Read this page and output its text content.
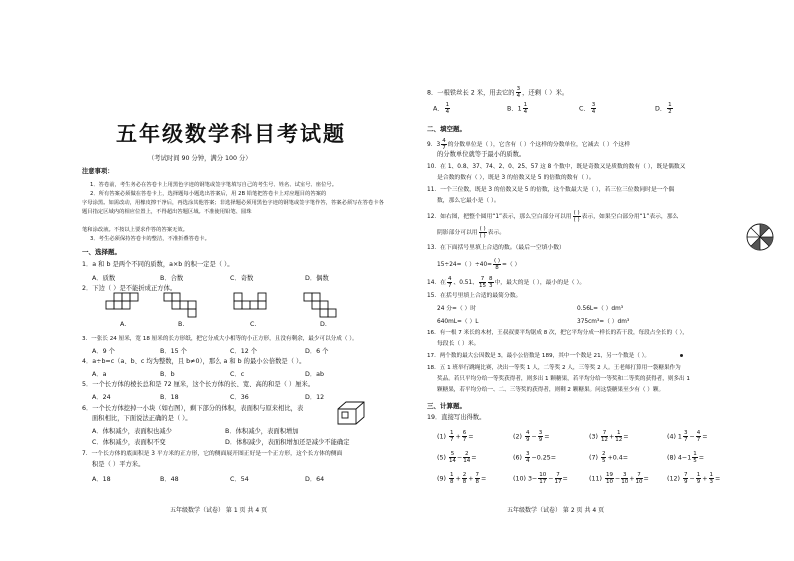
五年级数学科目考试题
（考试时间 90 分钟，满分 100 分）
注意事项：
1．答卷前，考生务必在答卷卡上用黑色字迹的钢笔或签字笔填写自己的考生号、姓名、试室号、座位号。
2．所有答案必须做在答卷卡上，选择题每小题选出答案后，用 2B 铅笔把答卷卡上对应题目的答案的
字母涂黑。如需改动，用橡皮擦干净后，再选涂其他答案；非选择题必须用黑色字迹的钢笔或签字笔作答，答案必须写在答卷卡各题目指定区域内的相应位置上，不得超出答题区域。不准使用铅笔、圆珠
笔和涂改液。不按以上要求作答的答案无效。
3．考生必须保持答卷卡的整洁，不准折叠答卷卡。
一、选择题。
1．a 和 b 是两个不同的质数，a×b 的积一定是（ ）。
A．质数	B．合数	C．奇数	D．偶数
2．下边（ ）是不能折成正方体。
A.	B.	C.	D.
3．一张长 24 厘米，宽 18 厘米的长方形纸，把它分成大小相等的小正方形，且没有剩余，最少可以分成（ ）。
A．9 个	B．15 个	C．12 个	D．6 个
4．a÷b=c（a、b、c 均为整数，且 b≠0），那么 a 和 b 的最小公倍数是（ ）。
A．a	B．b	C．c	D．ab
5．一个长方体的棱长总和是 72 厘米，这个长方体的长、宽、高的和是（ ）厘米。
A．24	B．18	C．36	D．12
6．一个长方体挖掉一小块（如右图），剩下部分的体积，表面积与原来相比，表
面积相比，下面说法正确的是（ ）。
A．体积减少，表面积也减少	B．体积减少，表面积增加
C．体积减少，表面积不变	D．体积减少，表面积增加还是减少不能确定
7．一个长方体的底面积是 3 平方米的正方形，它的侧面展开图正好是一个正方形，这个长方体的侧面
积是（ ）平方米。
A．18	B．48	C．54	D．64
五年级数学（试卷） 第 1 页 共 4 页
8．一根铁丝长 2 米，用去它的 $\frac{3}{4}$ ，还剩（ ）米。
A． $\frac{1}{4}$	B．$1 \frac{1}{4}$	C． $\frac{3}{4}$	D． $\frac{1}{2}$
二、填空题。
9．$3 \frac{4}{7}$ 的分数单位是（ ），它含有（ ）个这样的分数单位，它减去（ ）个这样
的分数单位就等于最小的质数。
10．在 1、0.8、37、74、2、0、25、57 这 8 个数中，既是奇数又是质数的数有（ ），既是偶数又
是合数的数有（ ），既是 3 的倍数又是 5 的倍数的数有（ ）。
11．一个三位数，既是 3 的倍数又是 5 的倍数，这个数最大是（ ），若三位三位数同时是一个偶
数，那么它最小是（ ）。
12．如右图，把整个圆用“1”表示，那么空白部分可以用 $\frac{( )}{( )}$ 表示，如果空白部分用“1”表示，那么
阴影部分可以用 $\frac{( )}{( )}$ 表示。
13．在下面括号里填上合适的数。（最后一空填小数）
15÷24=（ ）$\div 40= \frac{( )}{8}$ =（ ）
14．在 $\frac{4}{7}$ 、0.51、 $\frac{7}{15} \frac{8}{3}$ 中，最大的是（ ），最小的是（ ）。
15．在括号里填上合适的最简分数。
24 分=（ ）时	0.56L=（ ）dm³
640mL=（ ）L	375cm³=（ ）dm³
16．有一根 7 米长的木材，王叔叔要平均锯成 8 次，把它平均分成一样长的若干段，每段占全长的（ ），
每段长（ ）米。
17．两个数的最大公因数是 3，最小公倍数是 189，其中一个数是 21，另一个数是（ ）。
18．五 1 班举行跳绳比赛，决出一等奖 1 人，二等奖 2 人，三等奖 2 人。王老师打算用一袋糖果作为
奖品。若只平均分给一等奖获得者，则多出 1 颗糖果，若平均分给一等奖和二等奖的获得者，则多出 1
颗糖果，若平均分给一、二、三等奖的获得者，则剩 2 颗糖果。问这袋糖果至少有（ ）颗。
三、计算题。
19．直接写出得数。
$(1) \frac{1}{7} + \frac{6}{7}$ =	$(2) \frac{4}{9} - \frac{3}{9}$ =	$(3) \frac{7}{12} + \frac{1}{12}$ =	(4) $1 \frac{3}{7} - \frac{4}{7}$ =
$(5) \frac{5}{14} - \frac{2}{14}$ =	$(6) \frac{3}{4} -0.25=$	$(7) \frac{2}{5} +0.4=$	(8) $4-1 \frac{1}{5}$ =
$(9) \frac{1}{8} + \frac{2}{8} + \frac{7}{8}$ =	(10) $3- \frac{10}{17} - \frac{7}{17}$ =	$(11) \frac{19}{10} - \frac{3}{10} + \frac{7}{10}$ =	$(12) \frac{7}{9} - \frac{1}{9} + \frac{1}{3}$ =
五年级数学（试卷） 第 2 页 共 4 页
